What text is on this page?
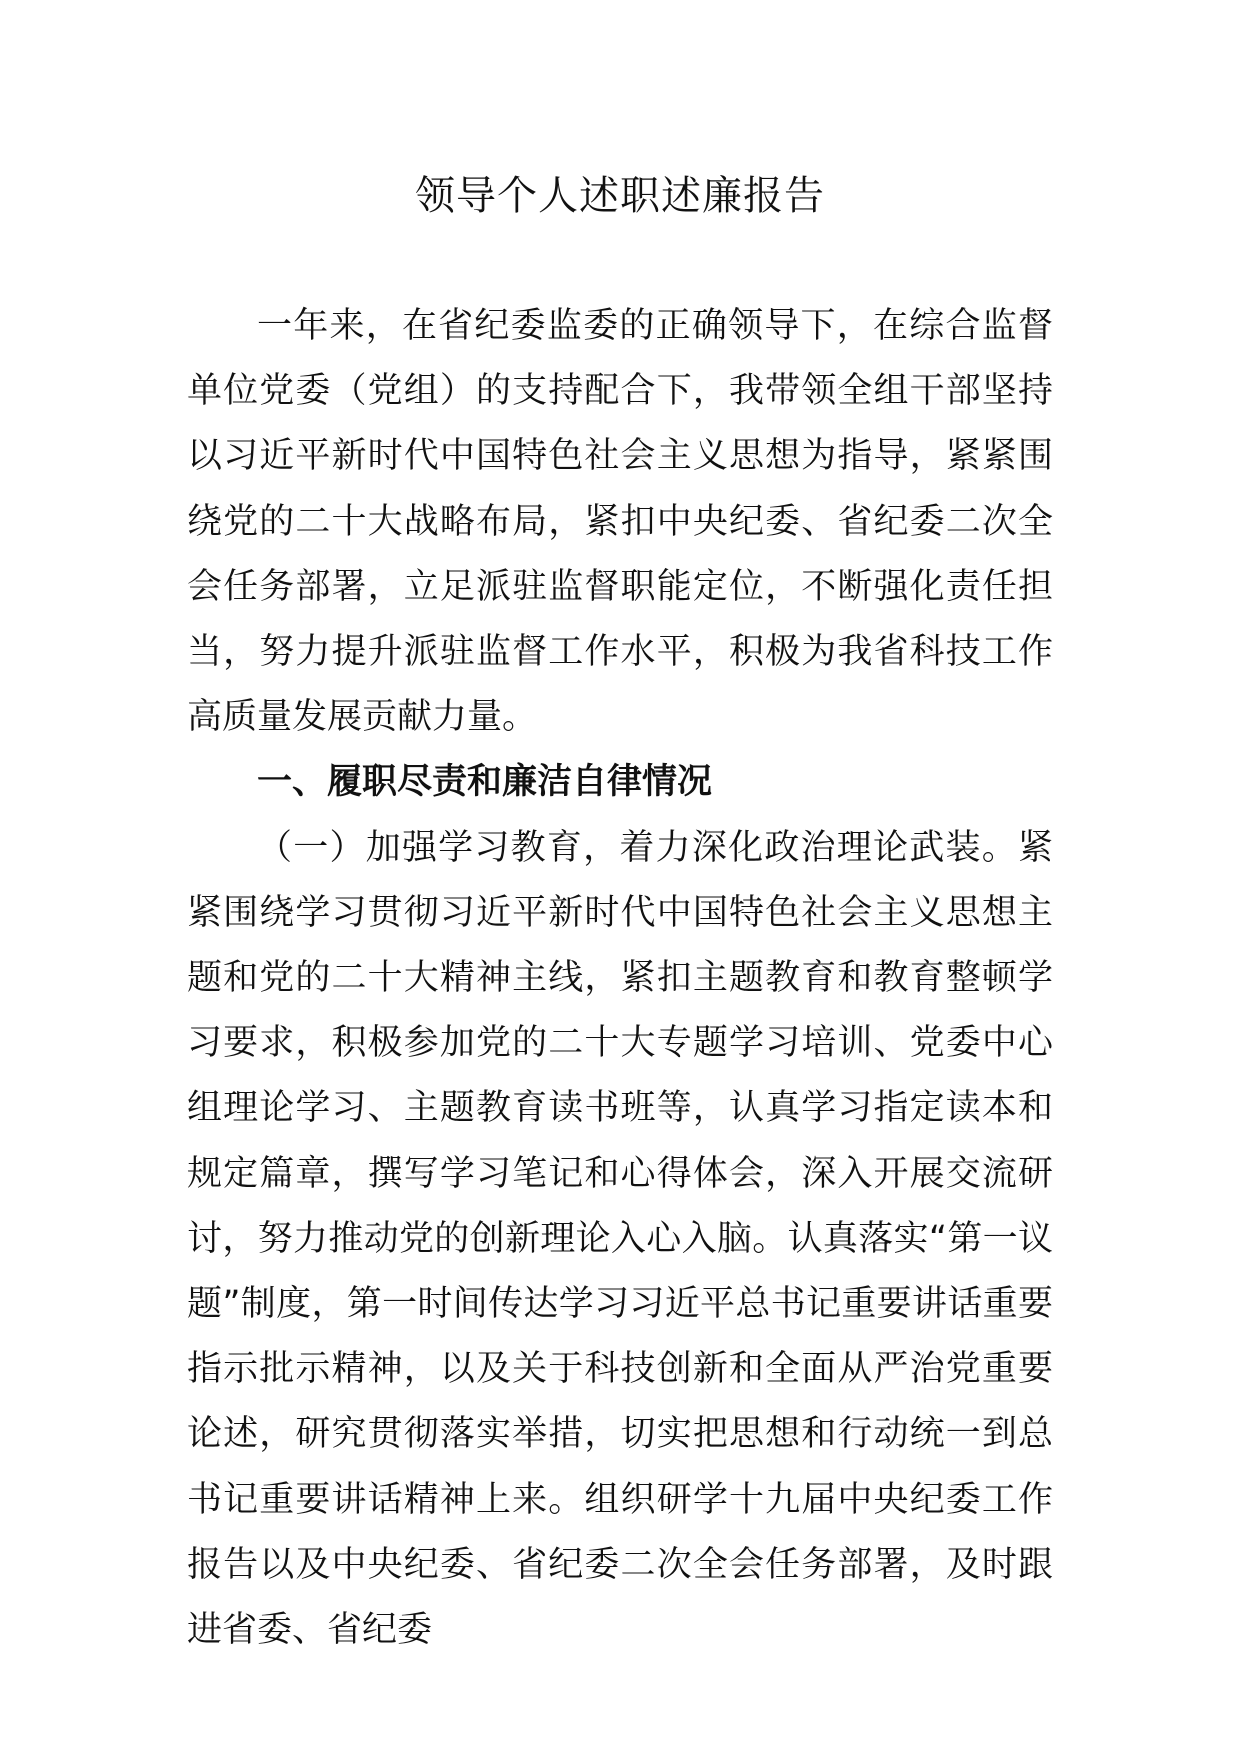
领导个人述职述廉报告

一年来，在省纪委监委的正确领导下，在综合监督单位党委（党组）的支持配合下，我带领全组干部坚持以习近平新时代中国特色社会主义思想为指导，紧紧围绕党的二十大战略布局，紧扣中央纪委、省纪委二次全会任务部署，立足派驻监督职能定位，不断强化责任担当，努力提升派驻监督工作水平，积极为我省科技工作高质量发展贡献力量。

一、履职尽责和廉洁自律情况

（一）加强学习教育，着力深化政治理论武装。紧紧围绕学习贯彻习近平新时代中国特色社会主义思想主题和党的二十大精神主线，紧扣主题教育和教育整顿学习要求，积极参加党的二十大专题学习培训、党委中心组理论学习、主题教育读书班等，认真学习指定读本和规定篇章，撰写学习笔记和心得体会，深入开展交流研讨，努力推动党的创新理论入心入脑。认真落实“第一议题”制度，第一时间传达学习习近平总书记重要讲话重要指示批示精神，以及关于科技创新和全面从严治党重要论述，研究贯彻落实举措，切实把思想和行动统一到总书记重要讲话精神上来。组织研学十九届中央纪委工作报告以及中央纪委、省纪委二次全会任务部署，及时跟进省委、省纪委
